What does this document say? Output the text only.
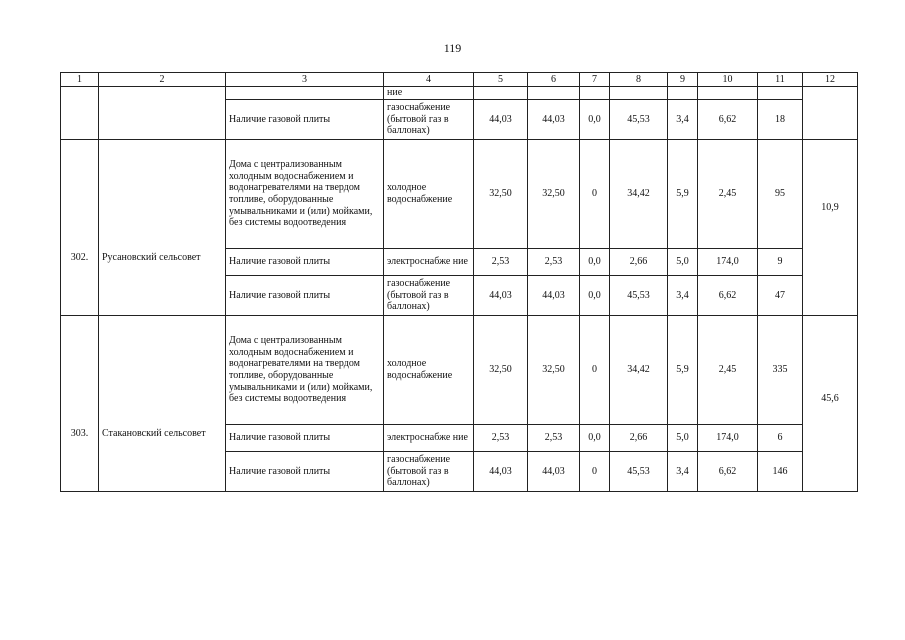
119
1	2	3	4	5	6	7	8	9	10	11	12
			ние								
		Наличие газовой плиты	газоснабжение (бытовой газ в баллонах)	44,03	44,03	0,0	45,53	3,4	6,62	18	
302.	Русановский сельсовет	Дома с централизованным холодным водоснабжением и водонагревателями на твердом топливе, оборудованные умывальниками и (или) мойками, без системы водоотведения	холодное водоснабжение	32,50	32,50	0	34,42	5,9	2,45	95	10,9
		Наличие газовой плиты	электроснабже ние	2,53	2,53	0,0	2,66	5,0	174,0	9	
		Наличие газовой плиты	газоснабжение (бытовой газ в баллонах)	44,03	44,03	0,0	45,53	3,4	6,62	47	
303.	Стакановский сельсовет	Дома с централизованным холодным водоснабжением и водонагревателями на твердом топливе, оборудованные умывальниками и (или) мойками, без системы водоотведения	холодное водоснабжение	32,50	32,50	0	34,42	5,9	2,45	335	45,6
		Наличие газовой плиты	электроснабже ние	2,53	2,53	0,0	2,66	5,0	174,0	6	
		Наличие газовой плиты	газоснабжение (бытовой газ в баллонах)	44,03	44,03	0	45,53	3,4	6,62	146	
